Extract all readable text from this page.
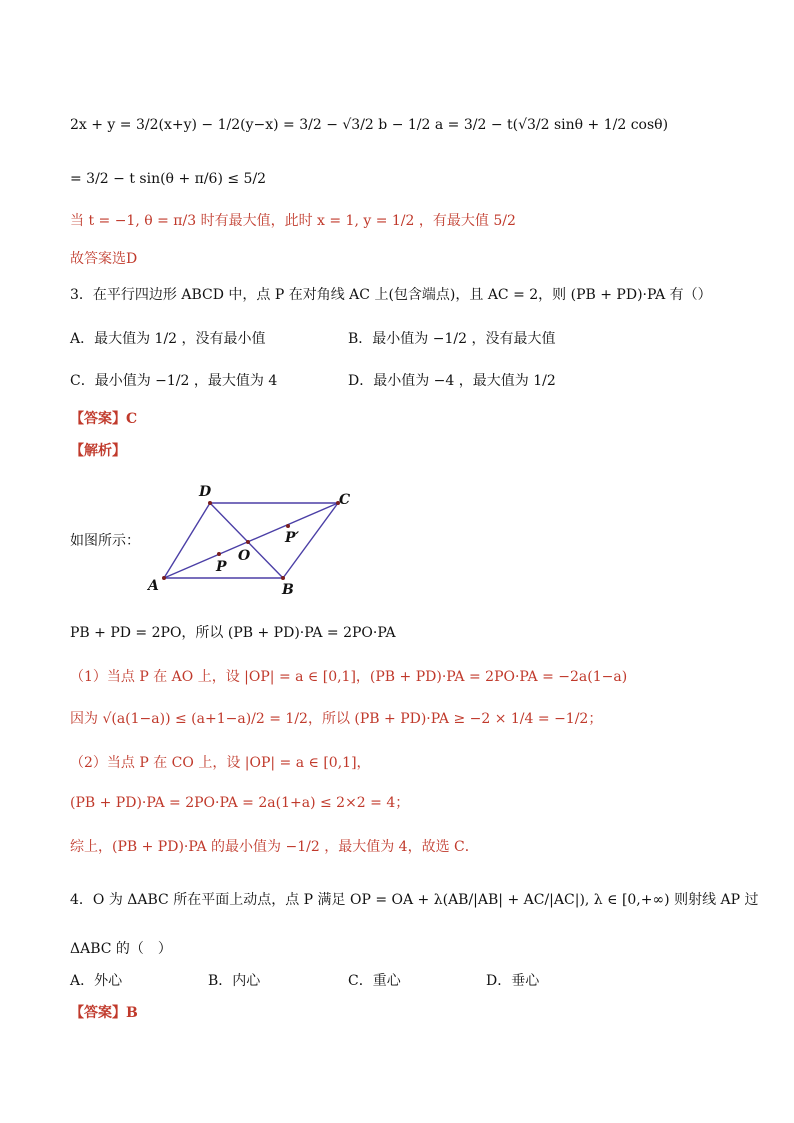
2x + y = 3/2(x+y) − 1/2(y−x) = 3/2 − √3/2 b − 1/2 a = 3/2 − t(√3/2 sinθ + 1/2 cosθ)
= 3/2 − t sin(θ + π/6) ≤ 5/2
当 t = −1, θ = π/3 时有最大值，此时 x = 1, y = 1/2 ，有最大值 5/2
故答案选D
3．在平行四边形 ABCD 中，点 P 在对角线 AC 上(包含端点)，且 AC = 2，则 (PB + PD)·PA 有（）
A．最大值为 1/2 ，没有最小值	B．最小值为 −1/2 ，没有最大值
C．最小值为 −1/2 ，最大值为 4	D．最小值为 −4 ，最大值为 1/2
【答案】C
【解析】
如图所示：
A	B
C
D
O
P
P′
PB + PD = 2PO，所以 (PB + PD)·PA = 2PO·PA
（1）当点 P 在 AO 上，设 |OP| = a ∈ [0,1]，(PB + PD)·PA = 2PO·PA = −2a(1−a)
因为 √(a(1−a)) ≤ (a+1−a)/2 = 1/2，所以 (PB + PD)·PA ≥ −2 × 1/4 = −1/2；
（2）当点 P 在 CO 上，设 |OP| = a ∈ [0,1]，
(PB + PD)·PA = 2PO·PA = 2a(1+a) ≤ 2×2 = 4；
综上，(PB + PD)·PA 的最小值为 −1/2 ，最大值为 4，故选 C．
4．O 为 ΔABC 所在平面上动点，点 P 满足 OP = OA + λ(AB/|AB| + AC/|AC|), λ ∈ [0,+∞) 则射线 AP 过
ΔABC 的（　）
A．外心	B．内心	C．重心	D．垂心
【答案】B
